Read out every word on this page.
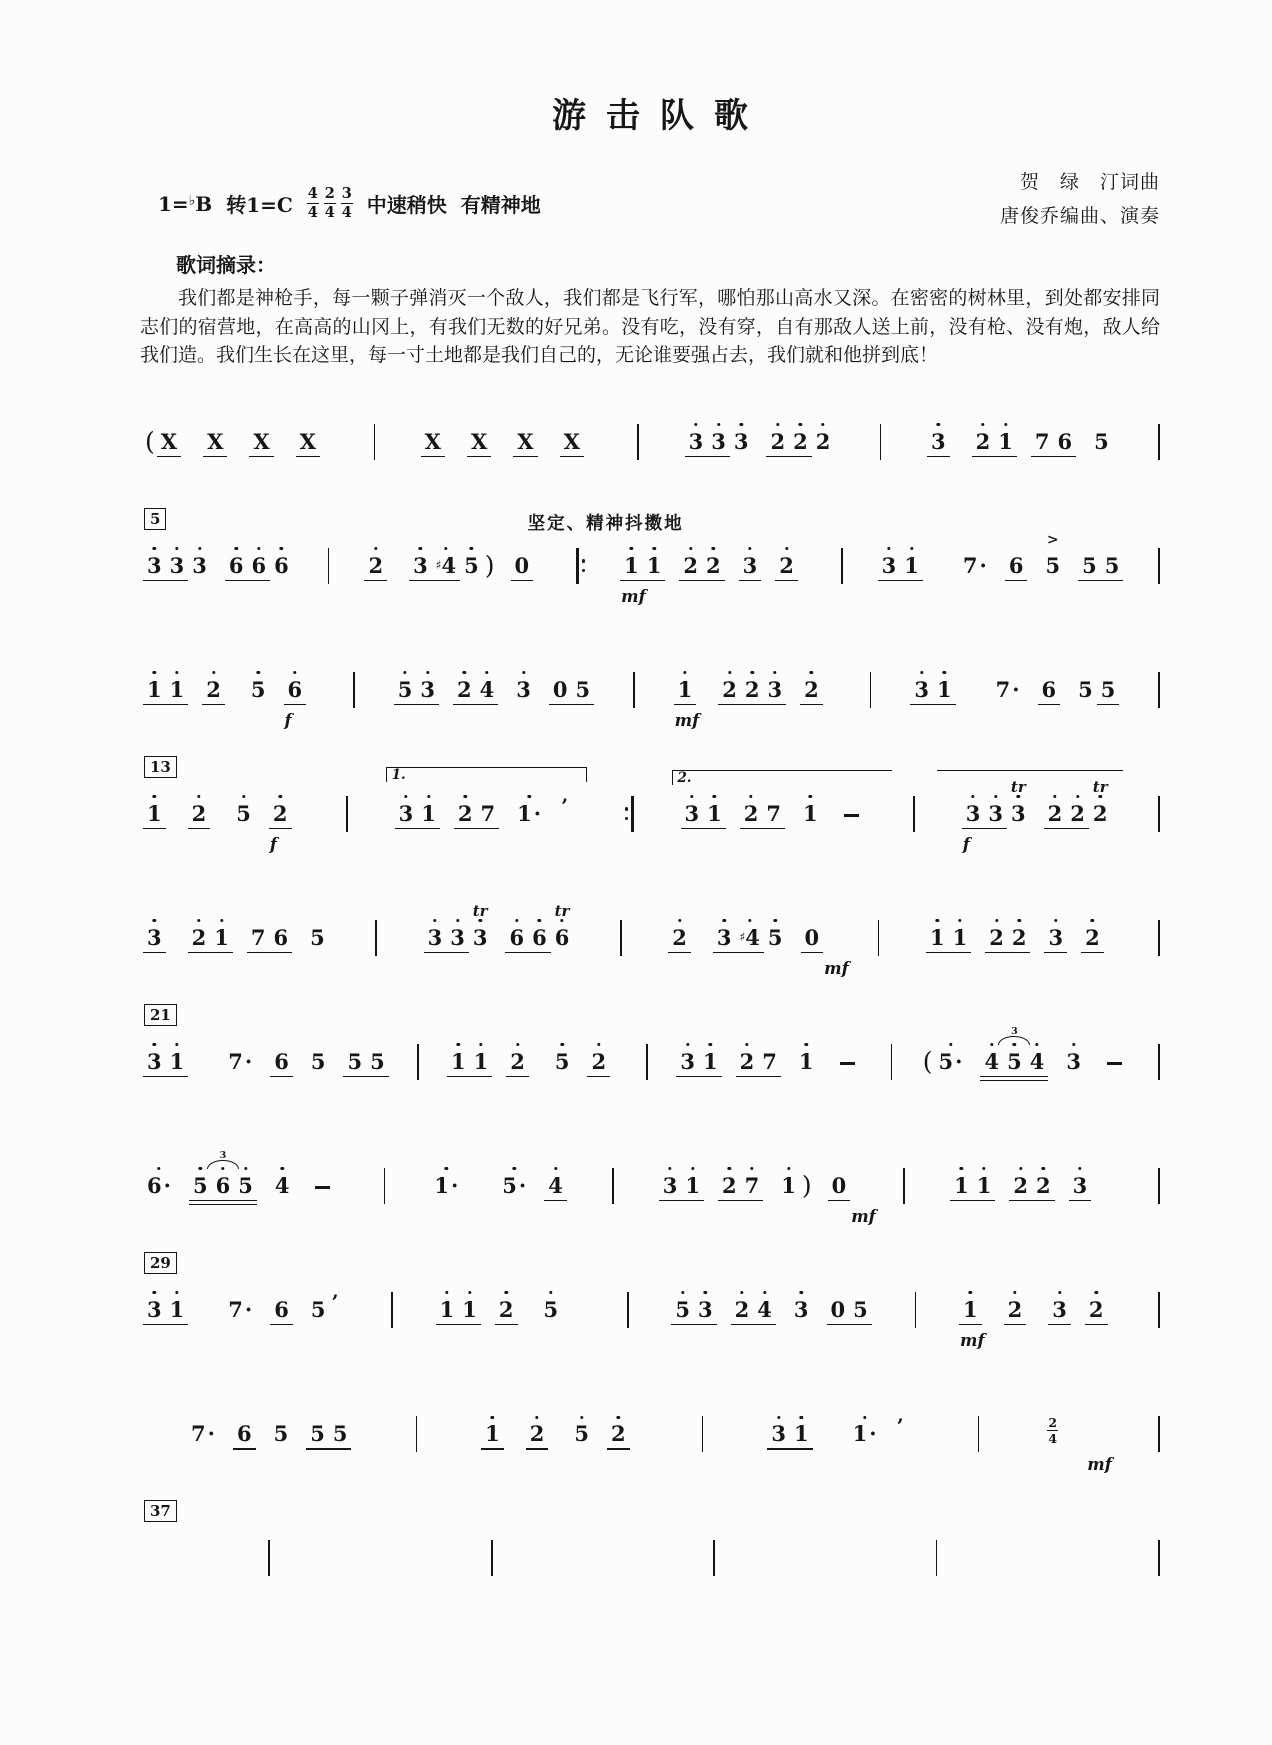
游击队歌
1=♭B 转$1=C \frac{4}{4} \frac{2}{4} \frac{3}{4}$ 中速稍快 有精神地
贺　绿　汀词曲
唐俊乔编曲、演奏
歌词摘录：

我们都是神枪手，每一颗子弹消灭一个敌人，我们都是飞行军，哪怕那山高水又深。在密密的树林里，到处都安排同志们的宿营地，在高高的山冈上，有我们无数的好兄弟。没有吃，没有穿，自有那敌人送上前，没有枪、没有炮，敌人给我们造。我们生长在这里，每一寸土地都是我们自己的，无论谁要强占去，我们就和他拼到底！

( X X X X	X X X X	3 3 3 2 2 2	3 2 1 7 6 5
5	坚定、精神抖擞地
3 3 3 6 6 6	2 3 ♯ 4 5 ) 0	1
mf
1 2 2 3 2	3 1 7 · 6 5
>
5 5
1 1 2 5 6
f
5 3 2 4 3 0 5	1
mf
2 2 3 2	3 1 7 · 6 5 5
13
1 2 5 2
f
1.
3 1 2 7 1 · ’
2.
3 1 2 7 1	3
f
3 3
tr
2 2 2
tr
3 2 1 7 6 5	3 3 3
tr
6 6 6
tr
2 3 ♯ 4 5 0
mf
1 1 2 2 3 2
21
3 1 7 · 6 5 5 5	1 1 2 5 2	3 1 2 7 1	( 5 · 4 5
3
4 3
6 · 5 6
3
5 4	1 · 5 · 4	3 1 2 7 1 ) 0
mf
1 1 2 2 3
29
3 1 7 · 6 5 ’	1 1 2 5	5 3 2 4 3 0 5	1
mf
2 3 2
7 · 6 5 5 5	1 2 5 2	3 1 1 · ’	2
4
mf
37
